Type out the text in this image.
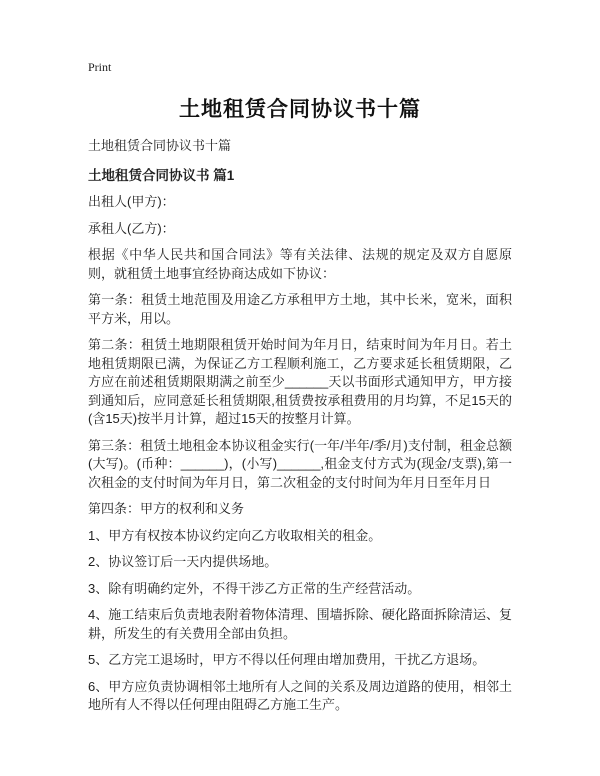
Print
土地租赁合同协议书十篇

土地租赁合同协议书十篇

土地租赁合同协议书 篇1

出租人(甲方)：

承租人(乙方)：

根据《中华人民共和国合同法》等有关法律、法规的规定及双方自愿原则，就租赁土地事宜经协商达成如下协议：

第一条：租赁土地范围及用途乙方承租甲方土地，其中长米，宽米，面积平方米，用以。

第二条：租赁土地期限租赁开始时间为年月日，结束时间为年月日。若土地租赁期限已满，为保证乙方工程顺利施工，乙方要求延长租赁期限，乙方应在前述租赁期限期满之前至少______天以书面形式通知甲方，甲方接到通知后，应同意延长租赁期限,租赁费按承租费用的月均算，不足15天的(含15天)按半月计算，超过15天的按整月计算。

第三条：租赁土地租金本协议租金实行(一年/半年/季/月)支付制，租金总额(大写)。(币种：______)，(小写)______,租金支付方式为(现金/支票),第一次租金的支付时间为年月日，第二次租金的支付时间为年月日至年月日

第四条：甲方的权利和义务

1、甲方有权按本协议约定向乙方收取相关的租金。

2、协议签订后一天内提供场地。

3、除有明确约定外，不得干涉乙方正常的生产经营活动。

4、施工结束后负责地表附着物体清理、围墙拆除、硬化路面拆除清运、复耕，所发生的有关费用全部由负担。

5、乙方完工退场时，甲方不得以任何理由增加费用，干扰乙方退场。

6、甲方应负责协调相邻土地所有人之间的关系及周边道路的使用，相邻土地所有人不得以任何理由阻碍乙方施工生产。
